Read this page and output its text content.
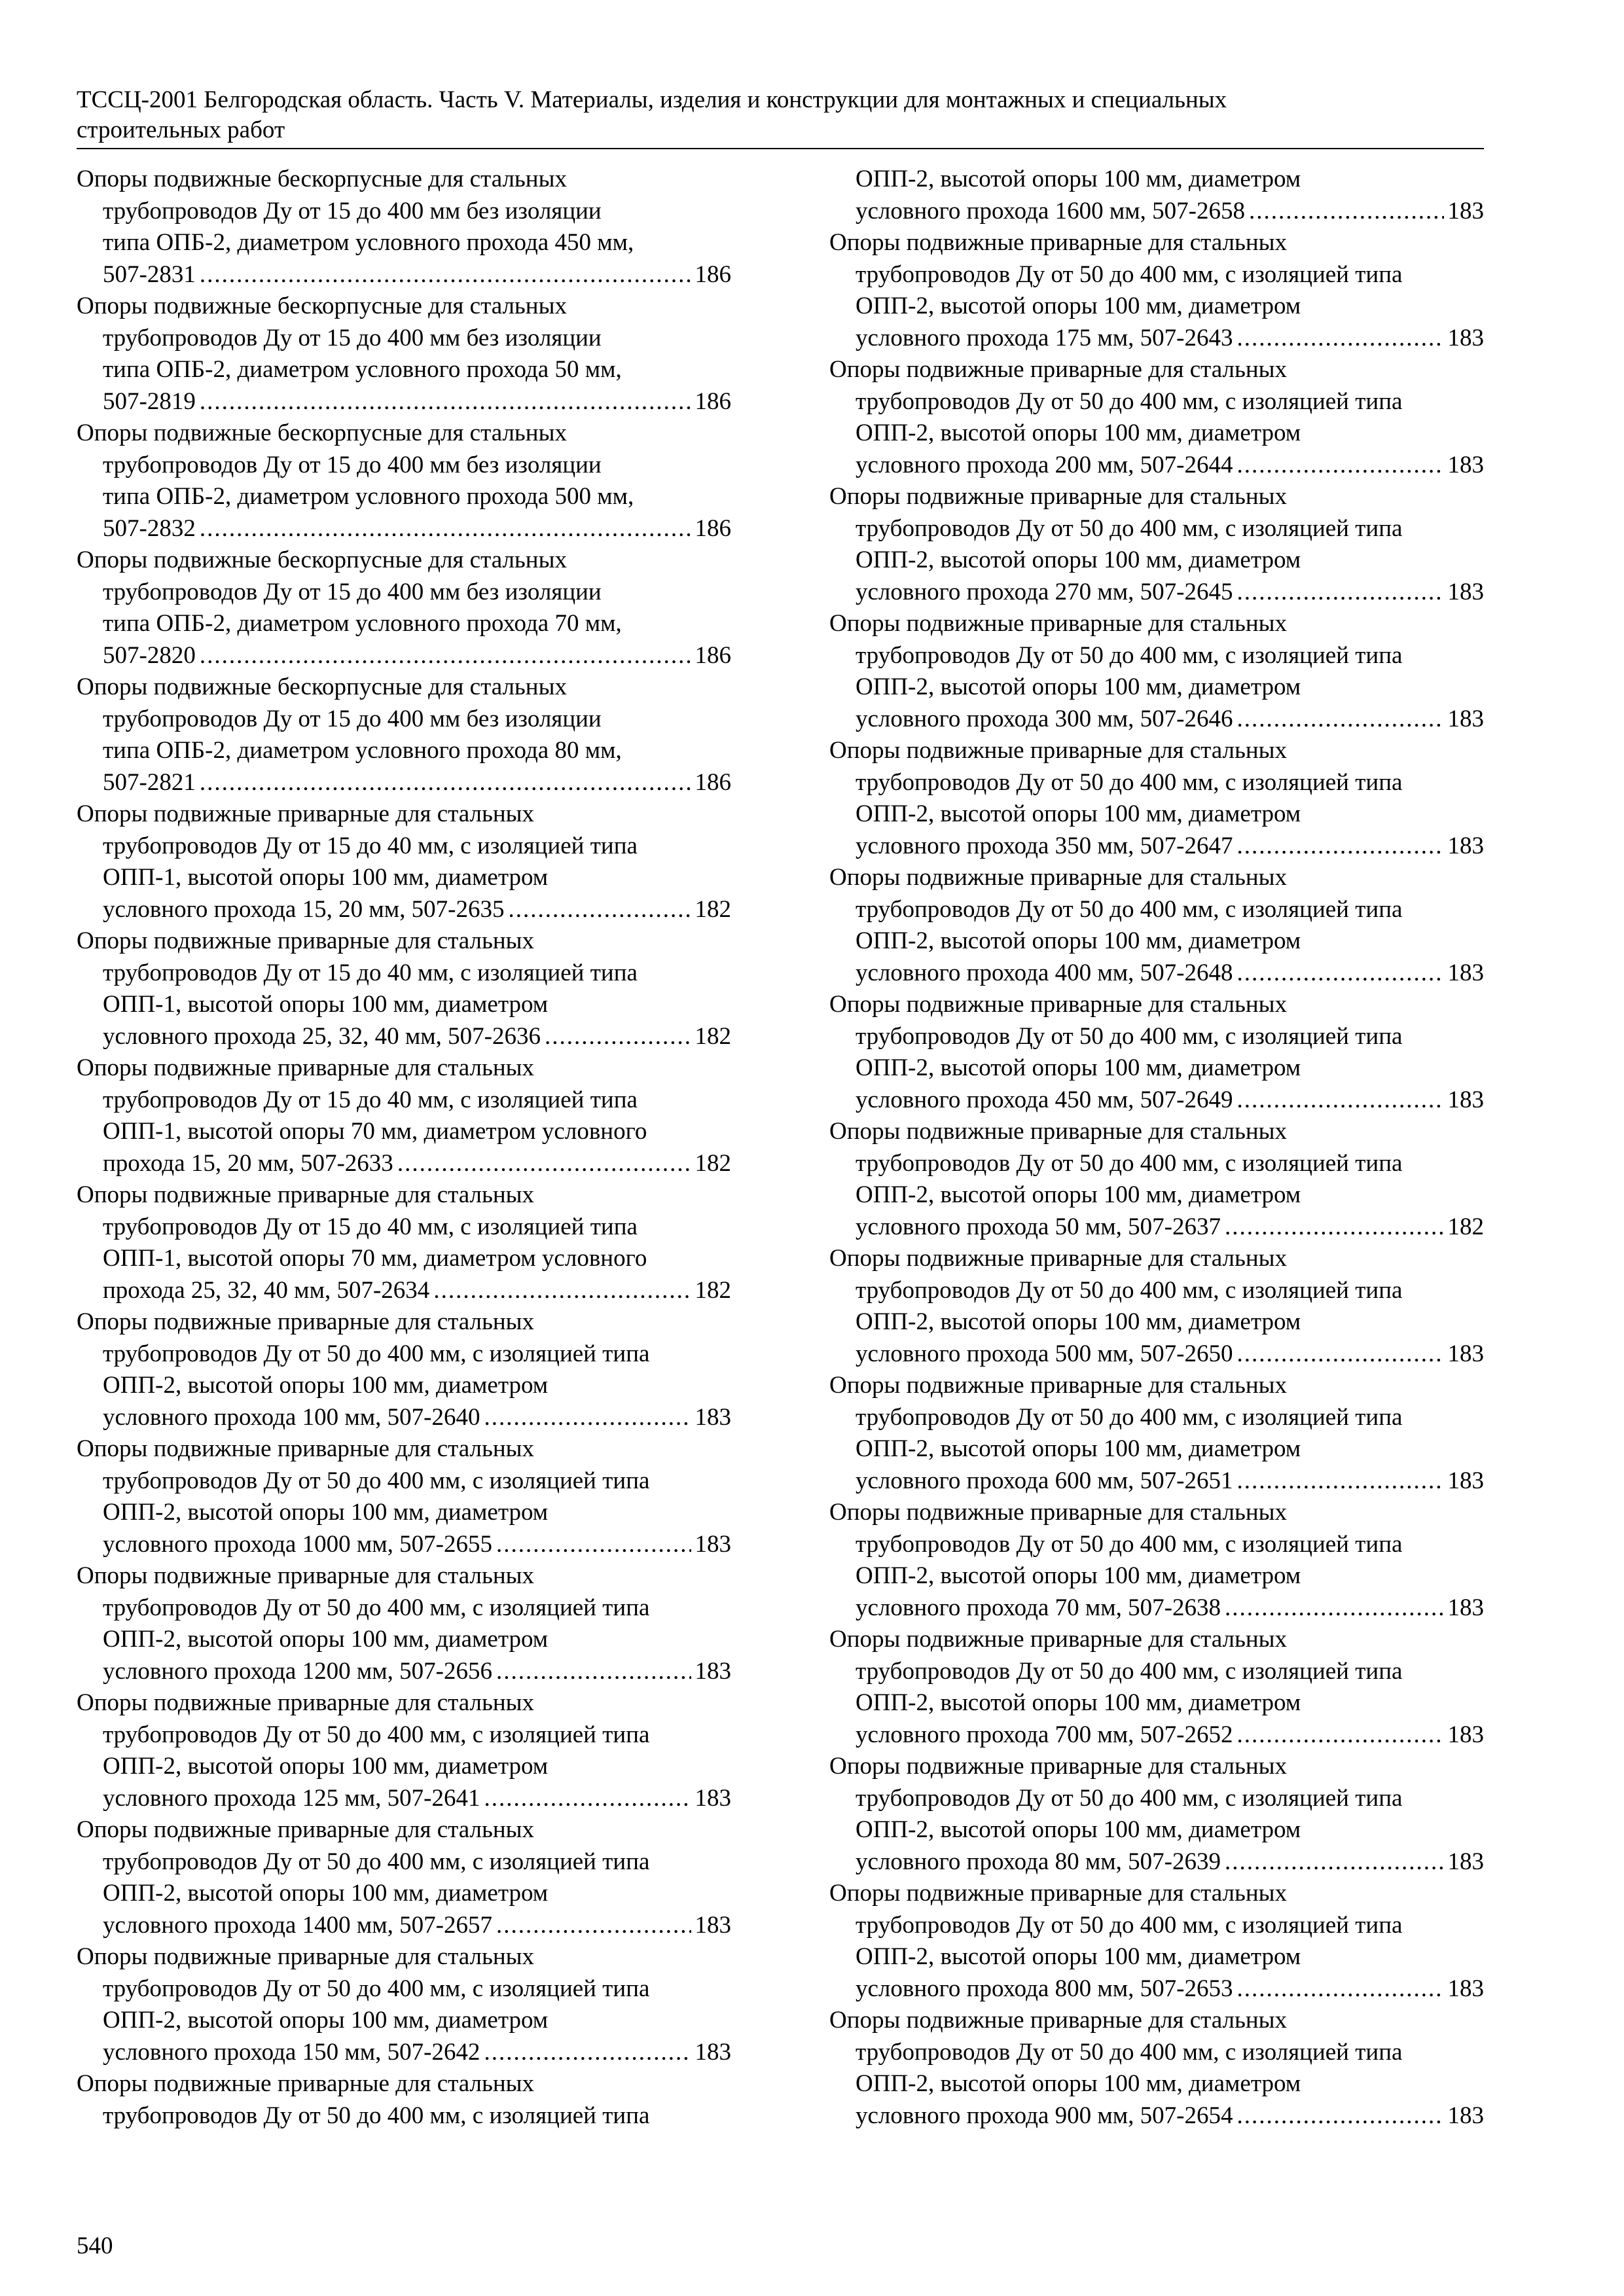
ТССЦ-2001 Белгородская область. Часть V. Материалы, изделия и конструкции для монтажных и специальных
строительных работ
Опоры подвижные бескорпусные для стальных
трубопроводов Ду от 15 до 400 мм без изоляции
типа ОПБ-2, диаметром условного прохода 450 мм,
507-2831 .....	186
Опоры подвижные бескорпусные для стальных
трубопроводов Ду от 15 до 400 мм без изоляции
типа ОПБ-2, диаметром условного прохода 50 мм,
507-2819 .....	186
Опоры подвижные бескорпусные для стальных
трубопроводов Ду от 15 до 400 мм без изоляции
типа ОПБ-2, диаметром условного прохода 500 мм,
507-2832 .....	186
Опоры подвижные бескорпусные для стальных
трубопроводов Ду от 15 до 400 мм без изоляции
типа ОПБ-2, диаметром условного прохода 70 мм,
507-2820 .....	186
Опоры подвижные бескорпусные для стальных
трубопроводов Ду от 15 до 400 мм без изоляции
типа ОПБ-2, диаметром условного прохода 80 мм,
507-2821 .....	186
Опоры подвижные приварные для стальных
трубопроводов Ду от 15 до 40 мм, с изоляцией типа
ОПП-1, высотой опоры 100 мм, диаметром
условного прохода 15, 20 мм, 507-2635 .....	182
Опоры подвижные приварные для стальных
трубопроводов Ду от 15 до 40 мм, с изоляцией типа
ОПП-1, высотой опоры 100 мм, диаметром
условного прохода 25, 32, 40 мм, 507-2636 .....	182
Опоры подвижные приварные для стальных
трубопроводов Ду от 15 до 40 мм, с изоляцией типа
ОПП-1, высотой опоры 70 мм, диаметром условного
прохода 15, 20 мм, 507-2633 .....	182
Опоры подвижные приварные для стальных
трубопроводов Ду от 15 до 40 мм, с изоляцией типа
ОПП-1, высотой опоры 70 мм, диаметром условного
прохода 25, 32, 40 мм, 507-2634 .....	182
Опоры подвижные приварные для стальных
трубопроводов Ду от 50 до 400 мм, с изоляцией типа
ОПП-2, высотой опоры 100 мм, диаметром
условного прохода 100 мм, 507-2640 .....	183
Опоры подвижные приварные для стальных
трубопроводов Ду от 50 до 400 мм, с изоляцией типа
ОПП-2, высотой опоры 100 мм, диаметром
условного прохода 1000 мм, 507-2655 .....	183
Опоры подвижные приварные для стальных
трубопроводов Ду от 50 до 400 мм, с изоляцией типа
ОПП-2, высотой опоры 100 мм, диаметром
условного прохода 1200 мм, 507-2656 .....	183
Опоры подвижные приварные для стальных
трубопроводов Ду от 50 до 400 мм, с изоляцией типа
ОПП-2, высотой опоры 100 мм, диаметром
условного прохода 125 мм, 507-2641 .....	183
Опоры подвижные приварные для стальных
трубопроводов Ду от 50 до 400 мм, с изоляцией типа
ОПП-2, высотой опоры 100 мм, диаметром
условного прохода 1400 мм, 507-2657 .....	183
Опоры подвижные приварные для стальных
трубопроводов Ду от 50 до 400 мм, с изоляцией типа
ОПП-2, высотой опоры 100 мм, диаметром
условного прохода 150 мм, 507-2642 .....	183
Опоры подвижные приварные для стальных
трубопроводов Ду от 50 до 400 мм, с изоляцией типа
ОПП-2, высотой опоры 100 мм, диаметром
условного прохода 1600 мм, 507-2658 .....	183
Опоры подвижные приварные для стальных
трубопроводов Ду от 50 до 400 мм, с изоляцией типа
ОПП-2, высотой опоры 100 мм, диаметром
условного прохода 175 мм, 507-2643 .....	183
Опоры подвижные приварные для стальных
трубопроводов Ду от 50 до 400 мм, с изоляцией типа
ОПП-2, высотой опоры 100 мм, диаметром
условного прохода 200 мм, 507-2644 .....	183
Опоры подвижные приварные для стальных
трубопроводов Ду от 50 до 400 мм, с изоляцией типа
ОПП-2, высотой опоры 100 мм, диаметром
условного прохода 270 мм, 507-2645 .....	183
Опоры подвижные приварные для стальных
трубопроводов Ду от 50 до 400 мм, с изоляцией типа
ОПП-2, высотой опоры 100 мм, диаметром
условного прохода 300 мм, 507-2646 .....	183
Опоры подвижные приварные для стальных
трубопроводов Ду от 50 до 400 мм, с изоляцией типа
ОПП-2, высотой опоры 100 мм, диаметром
условного прохода 350 мм, 507-2647 .....	183
Опоры подвижные приварные для стальных
трубопроводов Ду от 50 до 400 мм, с изоляцией типа
ОПП-2, высотой опоры 100 мм, диаметром
условного прохода 400 мм, 507-2648 .....	183
Опоры подвижные приварные для стальных
трубопроводов Ду от 50 до 400 мм, с изоляцией типа
ОПП-2, высотой опоры 100 мм, диаметром
условного прохода 450 мм, 507-2649 .....	183
Опоры подвижные приварные для стальных
трубопроводов Ду от 50 до 400 мм, с изоляцией типа
ОПП-2, высотой опоры 100 мм, диаметром
условного прохода 50 мм, 507-2637 .....	182
Опоры подвижные приварные для стальных
трубопроводов Ду от 50 до 400 мм, с изоляцией типа
ОПП-2, высотой опоры 100 мм, диаметром
условного прохода 500 мм, 507-2650 .....	183
Опоры подвижные приварные для стальных
трубопроводов Ду от 50 до 400 мм, с изоляцией типа
ОПП-2, высотой опоры 100 мм, диаметром
условного прохода 600 мм, 507-2651 .....	183
Опоры подвижные приварные для стальных
трубопроводов Ду от 50 до 400 мм, с изоляцией типа
ОПП-2, высотой опоры 100 мм, диаметром
условного прохода 70 мм, 507-2638 .....	183
Опоры подвижные приварные для стальных
трубопроводов Ду от 50 до 400 мм, с изоляцией типа
ОПП-2, высотой опоры 100 мм, диаметром
условного прохода 700 мм, 507-2652 .....	183
Опоры подвижные приварные для стальных
трубопроводов Ду от 50 до 400 мм, с изоляцией типа
ОПП-2, высотой опоры 100 мм, диаметром
условного прохода 80 мм, 507-2639 .....	183
Опоры подвижные приварные для стальных
трубопроводов Ду от 50 до 400 мм, с изоляцией типа
ОПП-2, высотой опоры 100 мм, диаметром
условного прохода 800 мм, 507-2653 .....	183
Опоры подвижные приварные для стальных
трубопроводов Ду от 50 до 400 мм, с изоляцией типа
ОПП-2, высотой опоры 100 мм, диаметром
условного прохода 900 мм, 507-2654 .....	183
540
